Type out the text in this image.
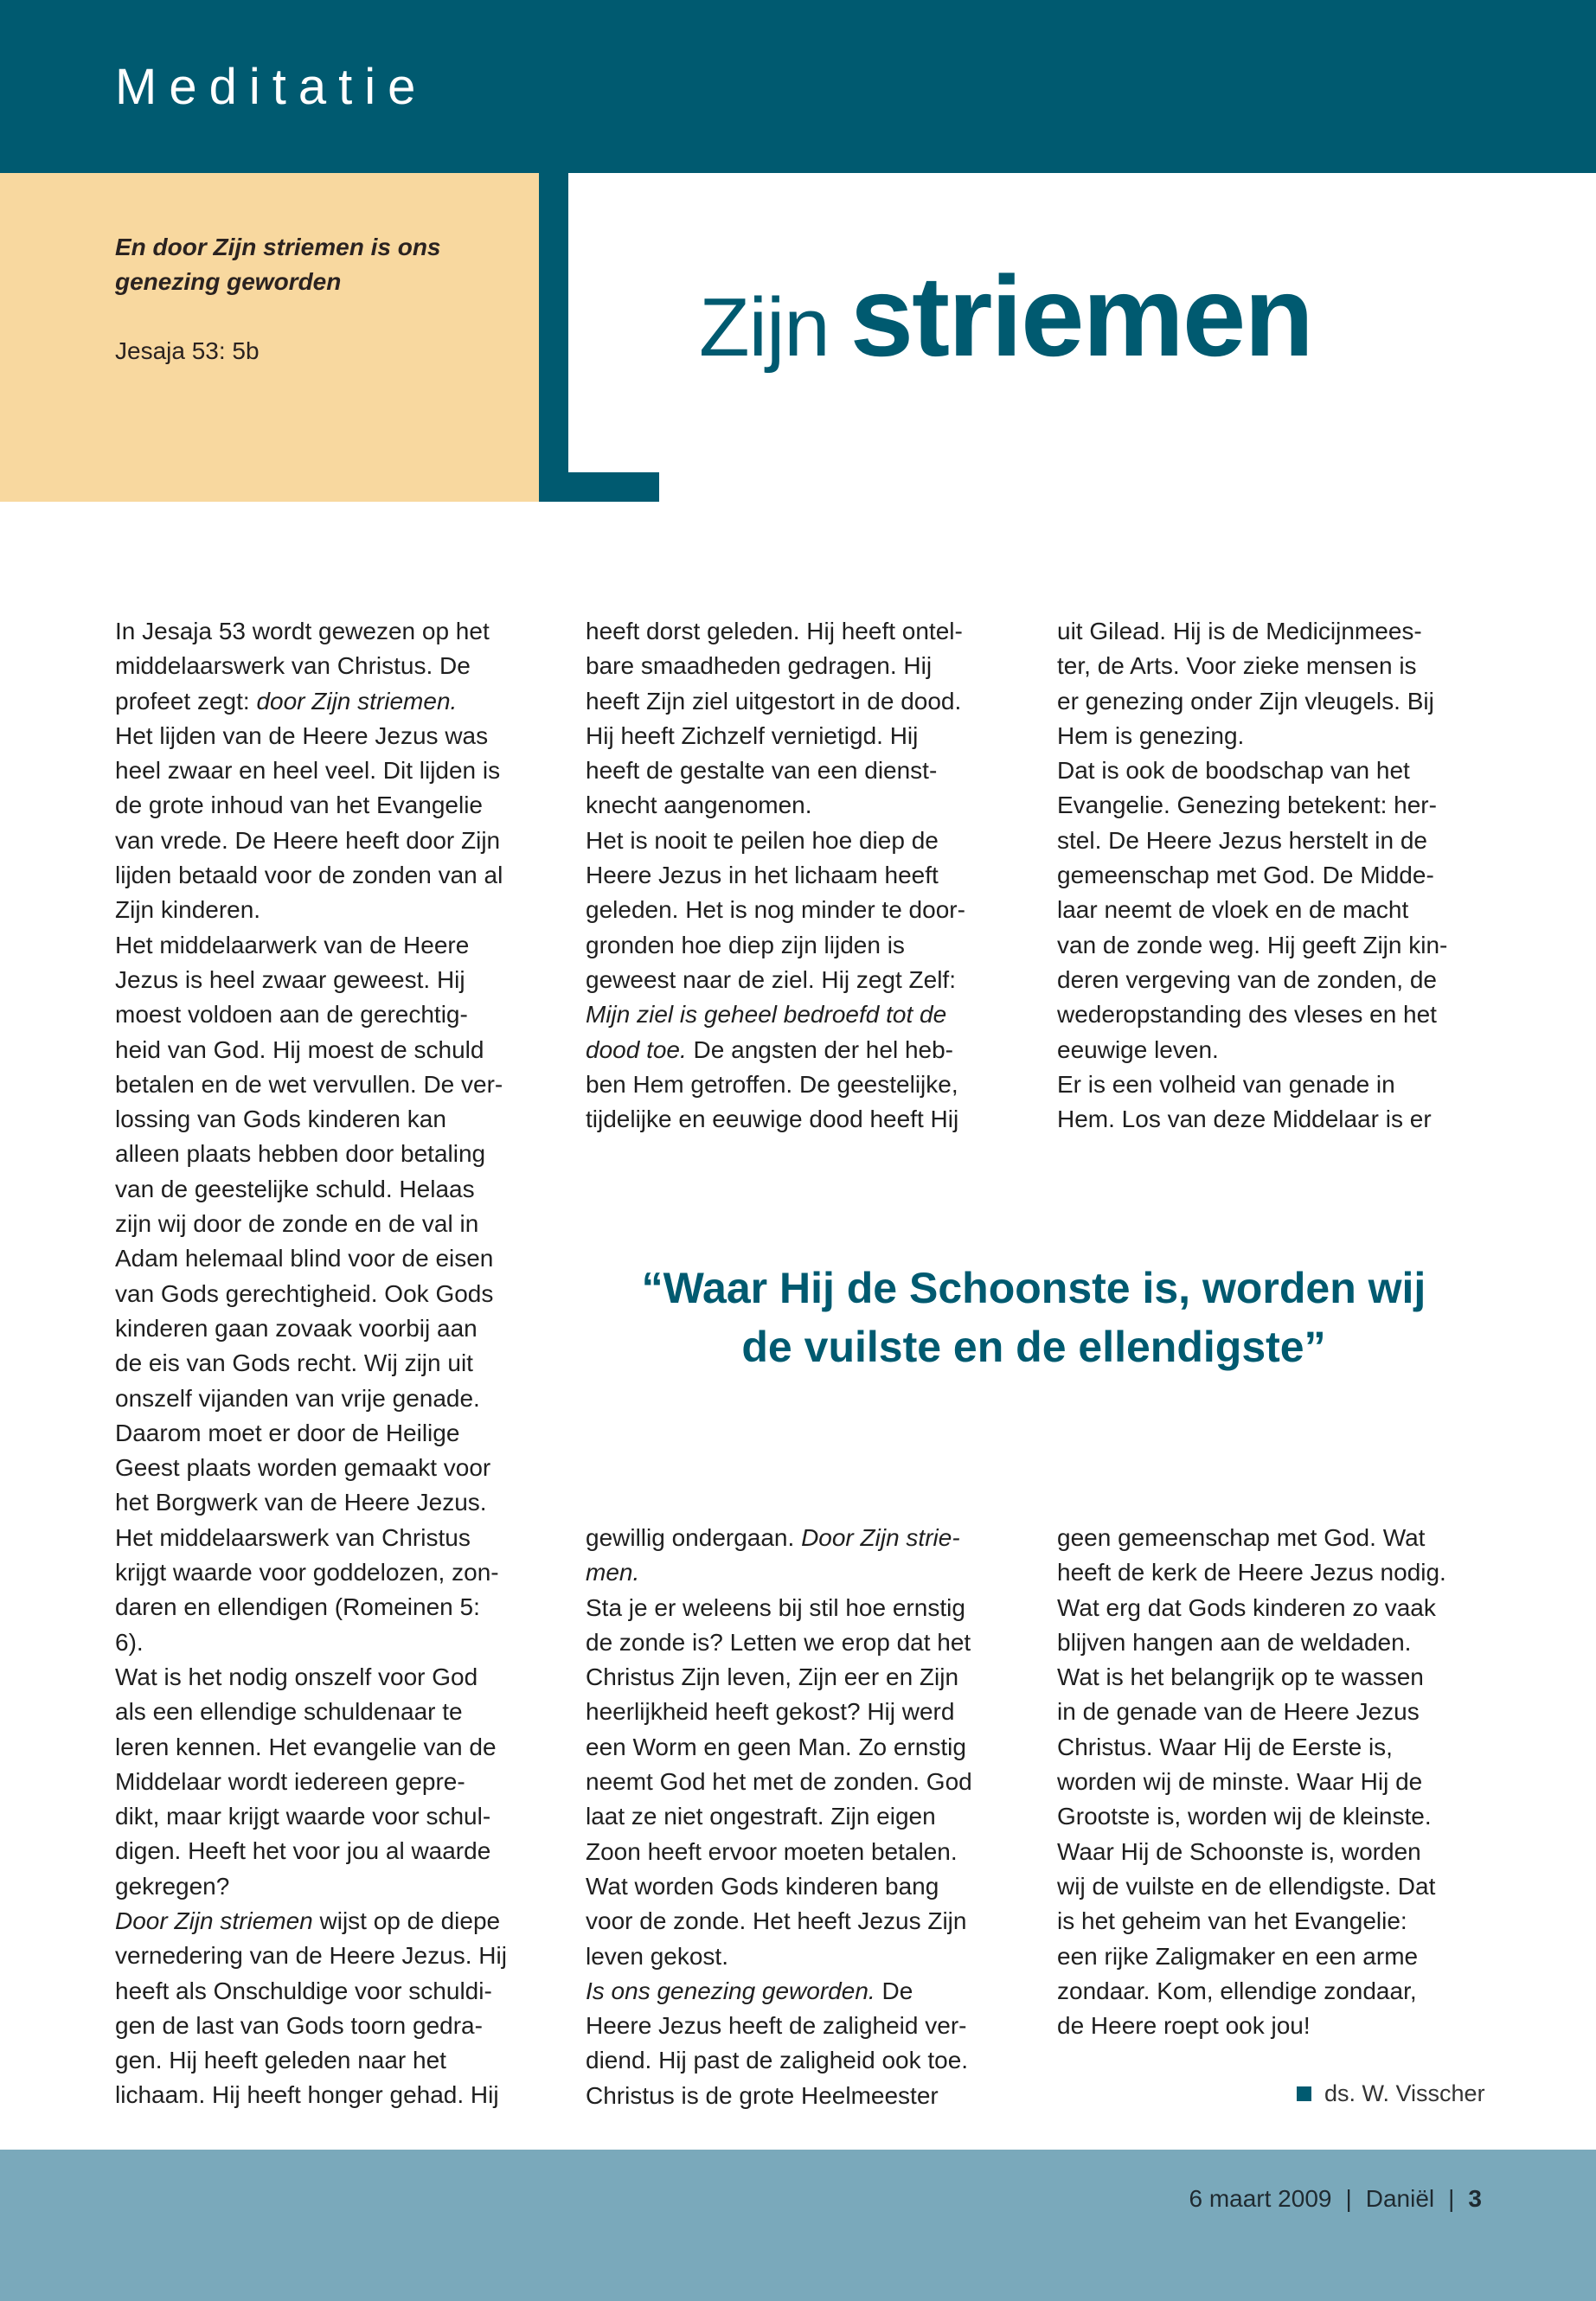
Meditatie
En door Zijn striemen is ons genezing geworden
Jesaja 53: 5b	Zijn striemen
In Jesaja 53 wordt gewezen op het
middelaarswerk van Christus. De
profeet zegt: door Zijn striemen.
Het lijden van de Heere Jezus was
heel zwaar en heel veel. Dit lijden is
de grote inhoud van het Evangelie
van vrede. De Heere heeft door Zijn
lijden betaald voor de zonden van al
Zijn kinderen.
Het middelaarwerk van de Heere
Jezus is heel zwaar geweest. Hij
moest voldoen aan de gerechtig-
heid van God. Hij moest de schuld
betalen en de wet vervullen. De ver-
lossing van Gods kinderen kan
alleen plaats hebben door betaling
van de geestelijke schuld. Helaas
zijn wij door de zonde en de val in
Adam helemaal blind voor de eisen
van Gods gerechtigheid. Ook Gods
kinderen gaan zovaak voorbij aan
de eis van Gods recht. Wij zijn uit
onszelf vijanden van vrije genade.
Daarom moet er door de Heilige
Geest plaats worden gemaakt voor
het Borgwerk van de Heere Jezus.
Het middelaarswerk van Christus
krijgt waarde voor goddelozen, zon-
daren en ellendigen (Romeinen 5:
6).
Wat is het nodig onszelf voor God
als een ellendige schuldenaar te
leren kennen. Het evangelie van de
Middelaar wordt iedereen gepre-
dikt, maar krijgt waarde voor schul-
digen. Heeft het voor jou al waarde
gekregen?
Door Zijn striemen wijst op de diepe
vernedering van de Heere Jezus. Hij
heeft als Onschuldige voor schuldi-
gen de last van Gods toorn gedra-
gen. Hij heeft geleden naar het
lichaam. Hij heeft honger gehad. Hij
heeft dorst geleden. Hij heeft ontel-
bare smaadheden gedragen. Hij
heeft Zijn ziel uitgestort in de dood.
Hij heeft Zichzelf vernietigd. Hij
heeft de gestalte van een dienst-
knecht aangenomen.
Het is nooit te peilen hoe diep de
Heere Jezus in het lichaam heeft
geleden. Het is nog minder te door-
gronden hoe diep zijn lijden is
geweest naar de ziel. Hij zegt Zelf:
Mijn ziel is geheel bedroefd tot de
dood toe. De angsten der hel heb-
ben Hem getroffen. De geestelijke,
tijdelijke en eeuwige dood heeft Hij
uit Gilead. Hij is de Medicijnmees-
ter, de Arts. Voor zieke mensen is
er genezing onder Zijn vleugels. Bij
Hem is genezing.
Dat is ook de boodschap van het
Evangelie. Genezing betekent: her-
stel. De Heere Jezus herstelt in de
gemeenschap met God. De Midde-
laar neemt de vloek en de macht
van de zonde weg. Hij geeft Zijn kin-
deren vergeving van de zonden, de
wederopstanding des vleses en het
eeuwige leven.
Er is een volheid van genade in
Hem. Los van deze Middelaar is er
gewillig ondergaan. Door Zijn strie-
men.
Sta je er weleens bij stil hoe ernstig
de zonde is? Letten we erop dat het
Christus Zijn leven, Zijn eer en Zijn
heerlijkheid heeft gekost? Hij werd
een Worm en geen Man. Zo ernstig
neemt God het met de zonden. God
laat ze niet ongestraft. Zijn eigen
Zoon heeft ervoor moeten betalen.
Wat worden Gods kinderen bang
voor de zonde. Het heeft Jezus Zijn
leven gekost.
Is ons genezing geworden. De
Heere Jezus heeft de zaligheid ver-
diend. Hij past de zaligheid ook toe.
Christus is de grote Heelmeester
geen gemeenschap met God. Wat
heeft de kerk de Heere Jezus nodig.
Wat erg dat Gods kinderen zo vaak
blijven hangen aan de weldaden.
Wat is het belangrijk op te wassen
in de genade van de Heere Jezus
Christus. Waar Hij de Eerste is,
worden wij de minste. Waar Hij de
Grootste is, worden wij de kleinste.
Waar Hij de Schoonste is, worden
wij de vuilste en de ellendigste. Dat
is het geheim van het Evangelie:
een rijke Zaligmaker en een arme
zondaar. Kom, ellendige zondaar,
de Heere roept ook jou!
“Waar Hij de Schoonste is, worden wij
de vuilste en de ellendigste”
ds. W. Visscher
6 maart 2009 | Daniël | 3
